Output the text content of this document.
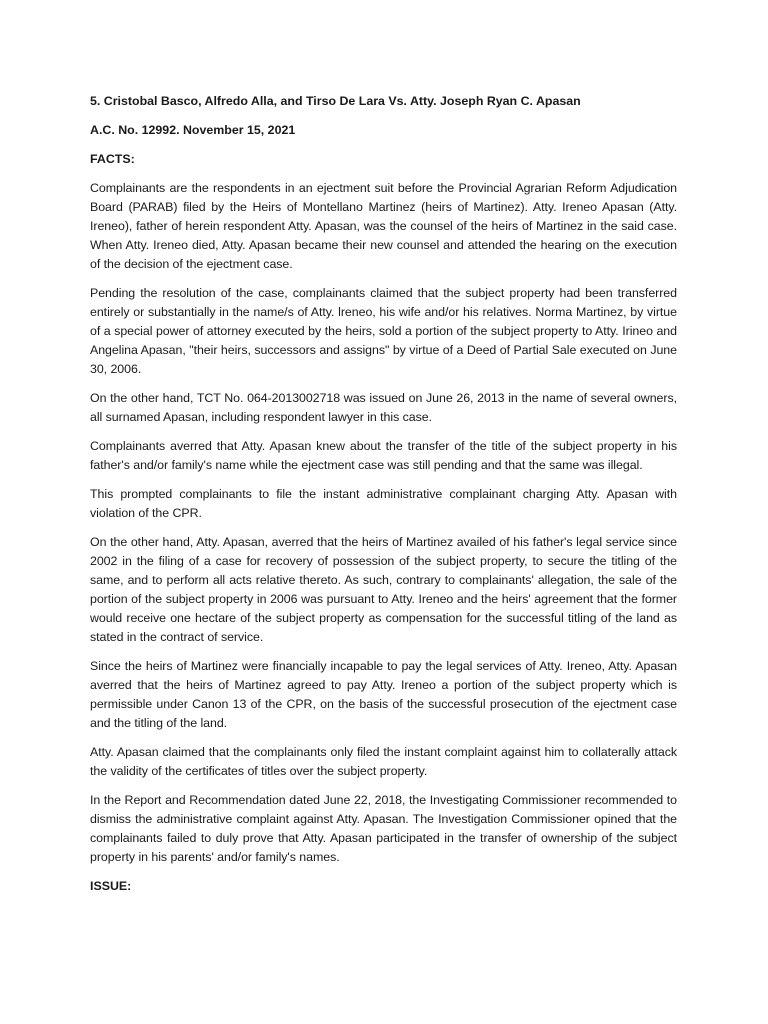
5. Cristobal Basco, Alfredo Alla, and Tirso De Lara Vs. Atty. Joseph Ryan C. Apasan

A.C. No. 12992. November 15, 2021

FACTS:

Complainants are the respondents in an ejectment suit before the Provincial Agrarian Reform Adjudication Board (PARAB) filed by the Heirs of Montellano Martinez (heirs of Martinez). Atty. Ireneo Apasan (Atty. Ireneo), father of herein respondent Atty. Apasan, was the counsel of the heirs of Martinez in the said case. When Atty. Ireneo died, Atty. Apasan became their new counsel and attended the hearing on the execution of the decision of the ejectment case.

Pending the resolution of the case, complainants claimed that the subject property had been transferred entirely or substantially in the name/s of Atty. lreneo, his wife and/or his relatives. Norma Martinez, by virtue of a special power of attorney executed by the heirs, sold a portion of the subject property to Atty. Irineo and Angelina Apasan, "their heirs, successors and assigns" by virtue of a Deed of Partial Sale executed on June 30, 2006.

On the other hand, TCT No. 064-2013002718 was issued on June 26, 2013 in the name of several owners, all surnamed Apasan, including respondent lawyer in this case.

Complainants averred that Atty. Apasan knew about the transfer of the title of the subject property in his father's and/or family's name while the ejectment case was still pending and that the same was illegal.

This prompted complainants to file the instant administrative complainant charging Atty. Apasan with violation of the CPR.

On the other hand, Atty. Apasan, averred that the heirs of Martinez availed of his father's legal service since 2002 in the filing of a case for recovery of possession of the subject property, to secure the titling of the same, and to perform all acts relative thereto. As such, contrary to complainants' allegation, the sale of the portion of the subject property in 2006 was pursuant to Atty. Ireneo and the heirs' agreement that the former would receive one hectare of the subject property as compensation for the successful titling of the land as stated in the contract of service.

Since the heirs of Martinez were financially incapable to pay the legal services of Atty. Ireneo, Atty. Apasan averred that the heirs of Martinez agreed to pay Atty. Ireneo a portion of the subject property which is permissible under Canon 13 of the CPR, on the basis of the successful prosecution of the ejectment case and the titling of the land.

Atty. Apasan claimed that the complainants only filed the instant complaint against him to collaterally attack the validity of the certificates of titles over the subject property.

In the Report and Recommendation dated June 22, 2018, the Investigating Commissioner recommended to dismiss the administrative complaint against Atty. Apasan. The Investigation Commissioner opined that the complainants failed to duly prove that Atty. Apasan participated in the transfer of ownership of the subject property in his parents' and/or family's names.

ISSUE:
